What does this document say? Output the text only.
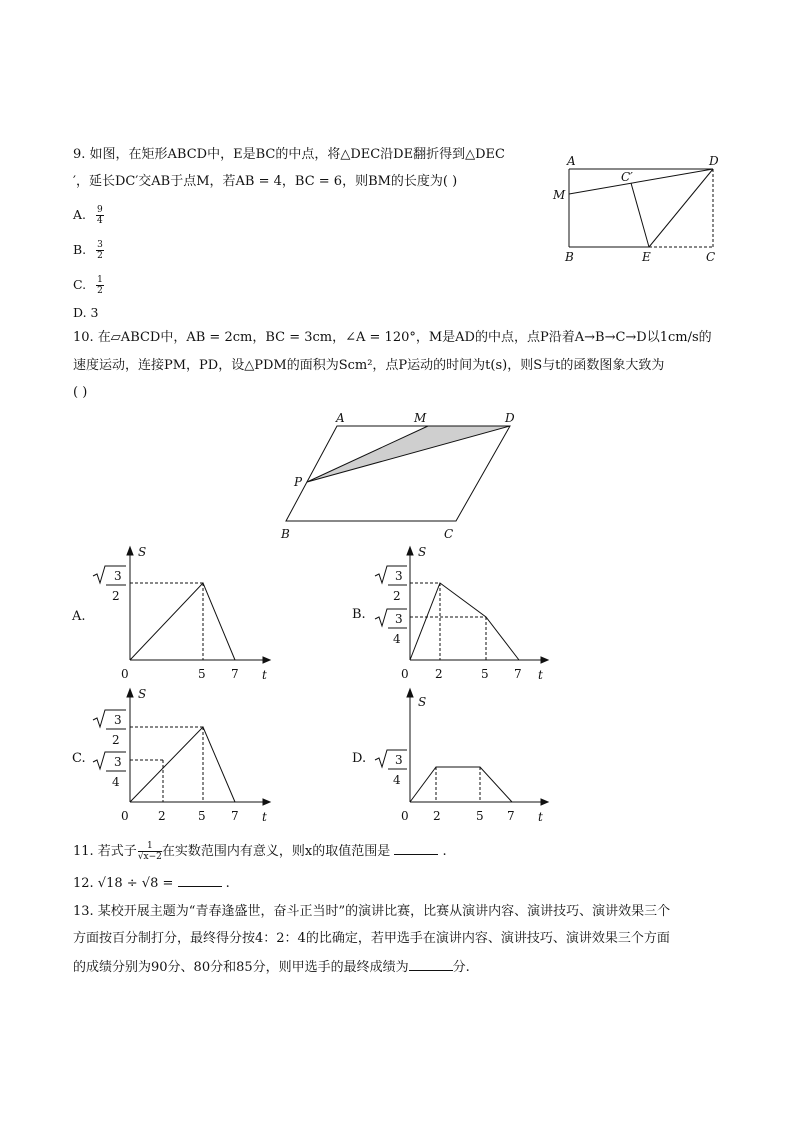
9. 如图，在矩形ABCD中，E是BC的中点，将△DEC沿DE翻折得到△DEC
′，延长DC′交AB于点M，若AB = 4，BC = 6，则BM的长度为( )
A. $\frac{9}{4}$
B. $\frac{3}{2}$
C. $\frac{1}{2}$
D. 3
A	D
C′
M
B	E	C
10. 在▱ABCD中，AB = 2cm，BC = 3cm，∠A = 120°，M是AD的中点，点P沿着A→B→C→D以1cm/s的
速度运动，连接PM，PD，设△PDM的面积为Scm²，点P运动的时间为t(s)，则S与t的函数图象大致为
( )
A	M	D
P
B	C
A.
3
2
S
0	5 7 t
B.
3
2
3
4
S
0 2	5 7 t
C.
3
2
3
4
S
0 2	5 7 t
D. 3
4
S
0 2	5 7 t
11. 若式子 $\frac{1}{√x-2}$ 在实数范围内有意义，则x的取值范围是	.
12. √18 ÷ √8 =	.
13. 某校开展主题为“青春逢盛世，奋斗正当时”的演讲比赛，比赛从演讲内容、演讲技巧、演讲效果三个
方面按百分制打分，最终得分按4：2：4的比确定，若甲选手在演讲内容、演讲技巧、演讲效果三个方面
的成绩分别为90分、80分和85分，则甲选手的最终成绩为	分.
